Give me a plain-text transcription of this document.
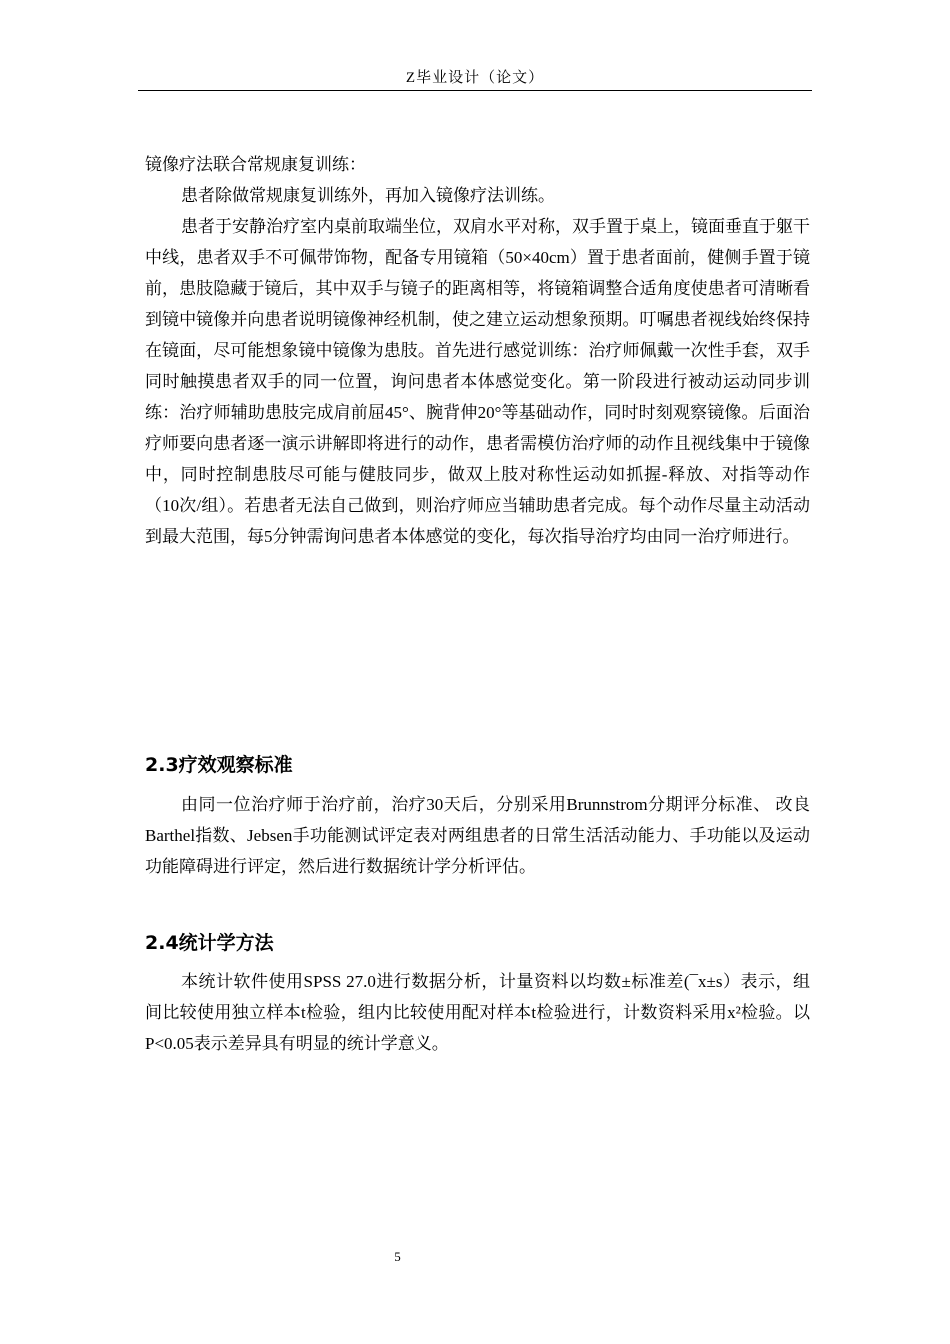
Z毕业设计（论文）

镜像疗法联合常规康复训练：

患者除做常规康复训练外，再加入镜像疗法训练。

患者于安静治疗室内桌前取端坐位，双肩水平对称，双手置于桌上，镜面垂直于躯干中线，患者双手不可佩带饰物，配备专用镜箱（50×40cm）置于患者面前，健侧手置于镜前，患肢隐藏于镜后，其中双手与镜子的距离相等，将镜箱调整合适角度使患者可清晰看到镜中镜像并向患者说明镜像神经机制，使之建立运动想象预期。叮嘱患者视线始终保持在镜面，尽可能想象镜中镜像为患肢。首先进行感觉训练：治疗师佩戴一次性手套，双手同时触摸患者双手的同一位置，询问患者本体感觉变化。第一阶段进行被动运动同步训练：治疗师辅助患肢完成肩前屈45°、腕背伸20°等基础动作，同时时刻观察镜像。后面治疗师要向患者逐一演示讲解即将进行的动作，患者需模仿治疗师的动作且视线集中于镜像中，同时控制患肢尽可能与健肢同步，做双上肢对称性运动如抓握-释放、对指等动作（10次/组）。若患者无法自己做到，则治疗师应当辅助患者完成。每个动作尽量主动活动到最大范围，每5分钟需询问患者本体感觉的变化，每次指导治疗均由同一治疗师进行。

2.3疗效观察标准

由同一位治疗师于治疗前，治疗30天后，分别采用Brunnstrom分期评分标准、 改良Barthel指数、Jebsen手功能测试评定表对两组患者的日常生活活动能力、手功能以及运动功能障碍进行评定，然后进行数据统计学分析评估。

2.4统计学方法

本统计软件使用SPSS 27.0进行数据分析，计量资料以均数±标准差(¯x±s）表示，组间比较使用独立样本t检验，组内比较使用配对样本t检验进行，计数资料采用x²检验。以P<0.05表示差异具有明显的统计学意义。

5
